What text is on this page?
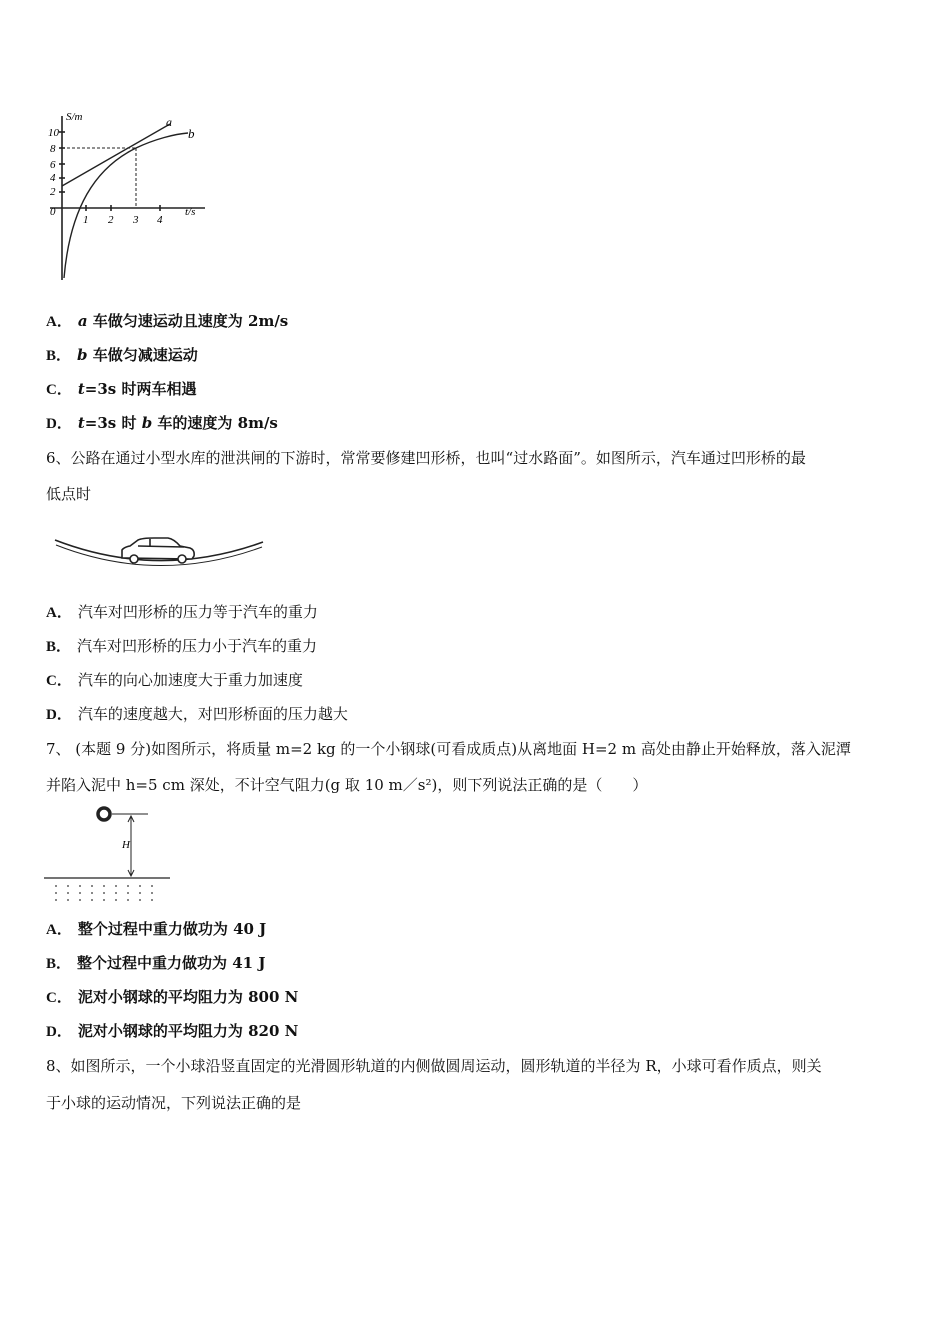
S/m
t/s
10
8
6
4
2
0
1 2 3 4
a
b
A． a 车做匀速运动且速度为 2m/s
B． b 车做匀减速运动
C． t=3s 时两车相遇
D． t=3s 时 b 车的速度为 8m/s
6、公路在通过小型水库的泄洪闸的下游时，常常要修建凹形桥，也叫“过水路面”。如图所示，汽车通过凹形桥的最
低点时
A． 汽车对凹形桥的压力等于汽车的重力
B． 汽车对凹形桥的压力小于汽车的重力
C． 汽车的向心加速度大于重力加速度
D． 汽车的速度越大，对凹形桥面的压力越大
7、 (本题 9 分)如图所示，将质量 m=2 kg 的一个小钢球(可看成质点)从离地面 H=2 m 高处由静止开始释放，落入泥潭
并陷入泥中 h=5 cm 深处，不计空气阻力(g 取 10 m／s²)，则下列说法正确的是（　　）
H
A． 整个过程中重力做功为 40 J
B． 整个过程中重力做功为 41 J
C． 泥对小钢球的平均阻力为 800 N
D． 泥对小钢球的平均阻力为 820 N
8、如图所示，一个小球沿竖直固定的光滑圆形轨道的内侧做圆周运动，圆形轨道的半径为 R，小球可看作质点，则关
于小球的运动情况，下列说法正确的是
